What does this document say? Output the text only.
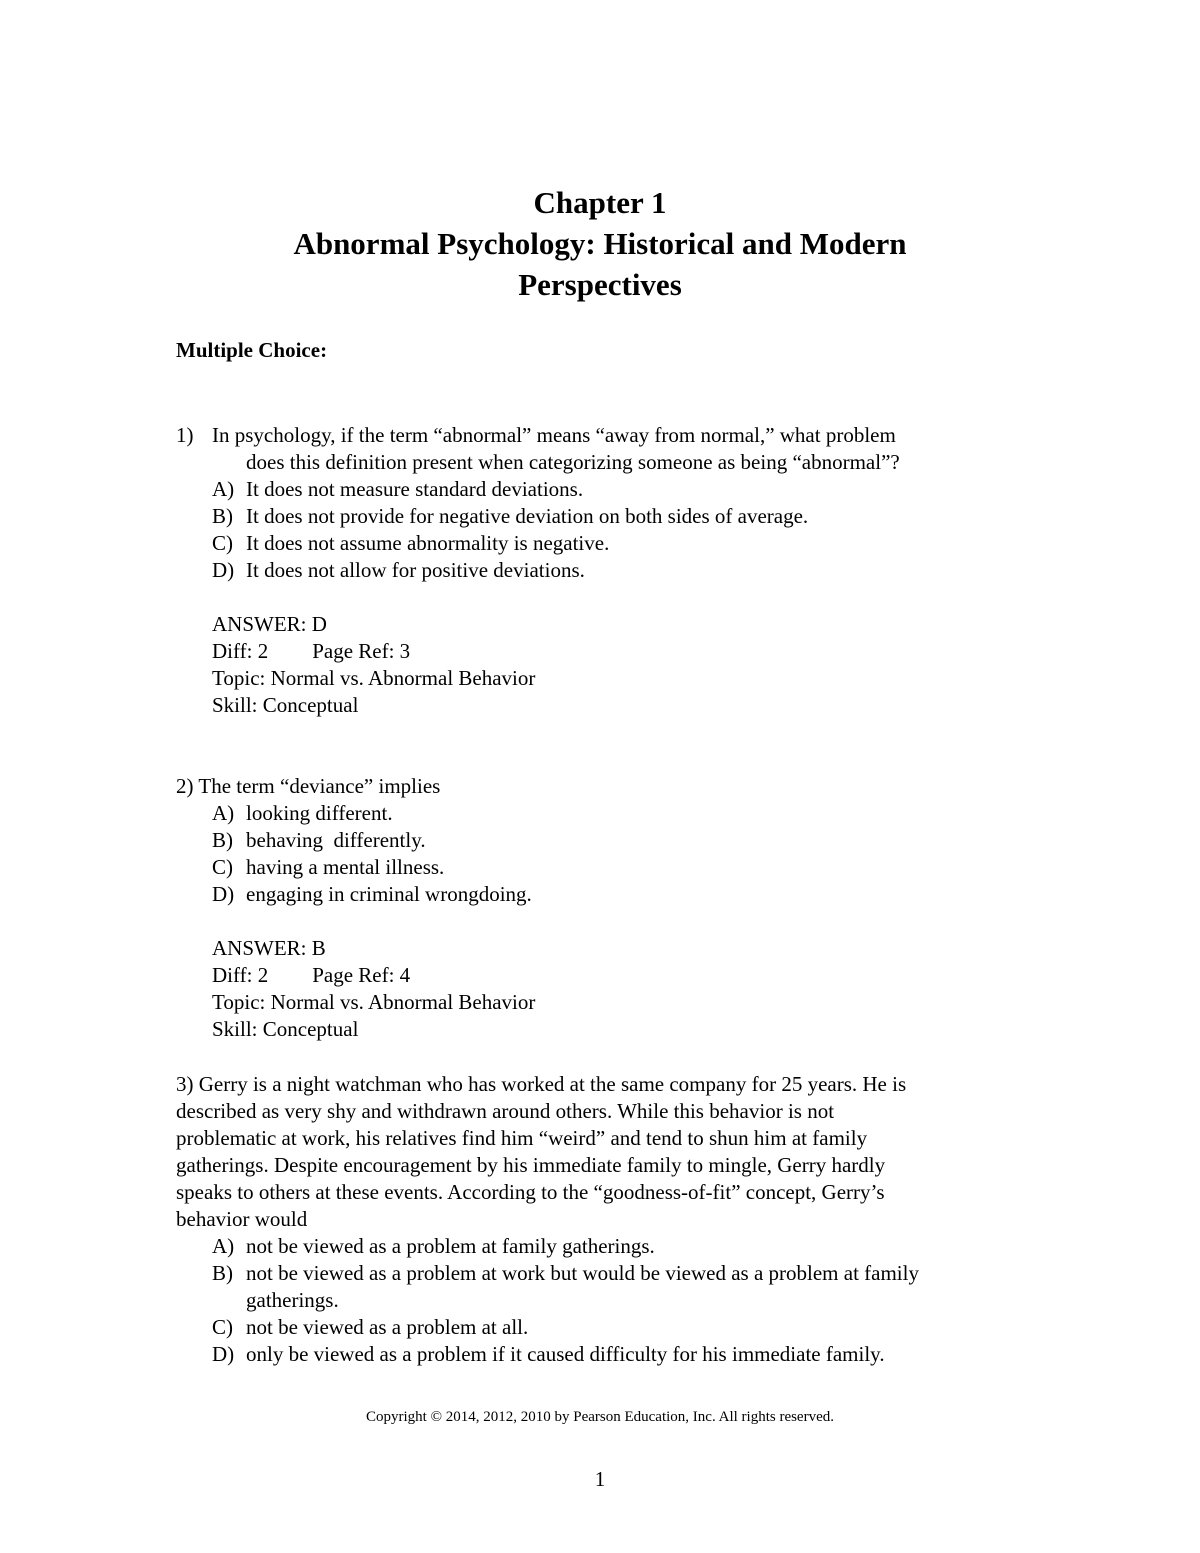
Chapter 1
Abnormal Psychology: Historical and Modern
Perspectives
Multiple Choice:

1) In psychology, if the term “abnormal” means “away from normal,” what problem

does this definition present when categorizing someone as being “abnormal”?

A) It does not measure standard deviations.

B) It does not provide for negative deviation on both sides of average.

C) It does not assume abnormality is negative.

D) It does not allow for positive deviations.

ANSWER: D

Diff: 2 Page Ref: 3

Topic: Normal vs. Abnormal Behavior

Skill: Conceptual

2) The term “deviance” implies

A) looking different.

B) behaving  differently.

C) having a mental illness.

D) engaging in criminal wrongdoing.

ANSWER: B

Diff: 2 Page Ref: 4

Topic: Normal vs. Abnormal Behavior

Skill: Conceptual

3) Gerry is a night watchman who has worked at the same company for 25 years. He is

described as very shy and withdrawn around others. While this behavior is not

problematic at work, his relatives find him “weird” and tend to shun him at family

gatherings. Despite encouragement by his immediate family to mingle, Gerry hardly

speaks to others at these events. According to the “goodness-of-fit” concept, Gerry’s

behavior would

A) not be viewed as a problem at family gatherings.

B) not be viewed as a problem at work but would be viewed as a problem at family

gatherings.

C) not be viewed as a problem at all.

D) only be viewed as a problem if it caused difficulty for his immediate family.

Copyright © 2014, 2012, 2010 by Pearson Education, Inc. All rights reserved.
1
